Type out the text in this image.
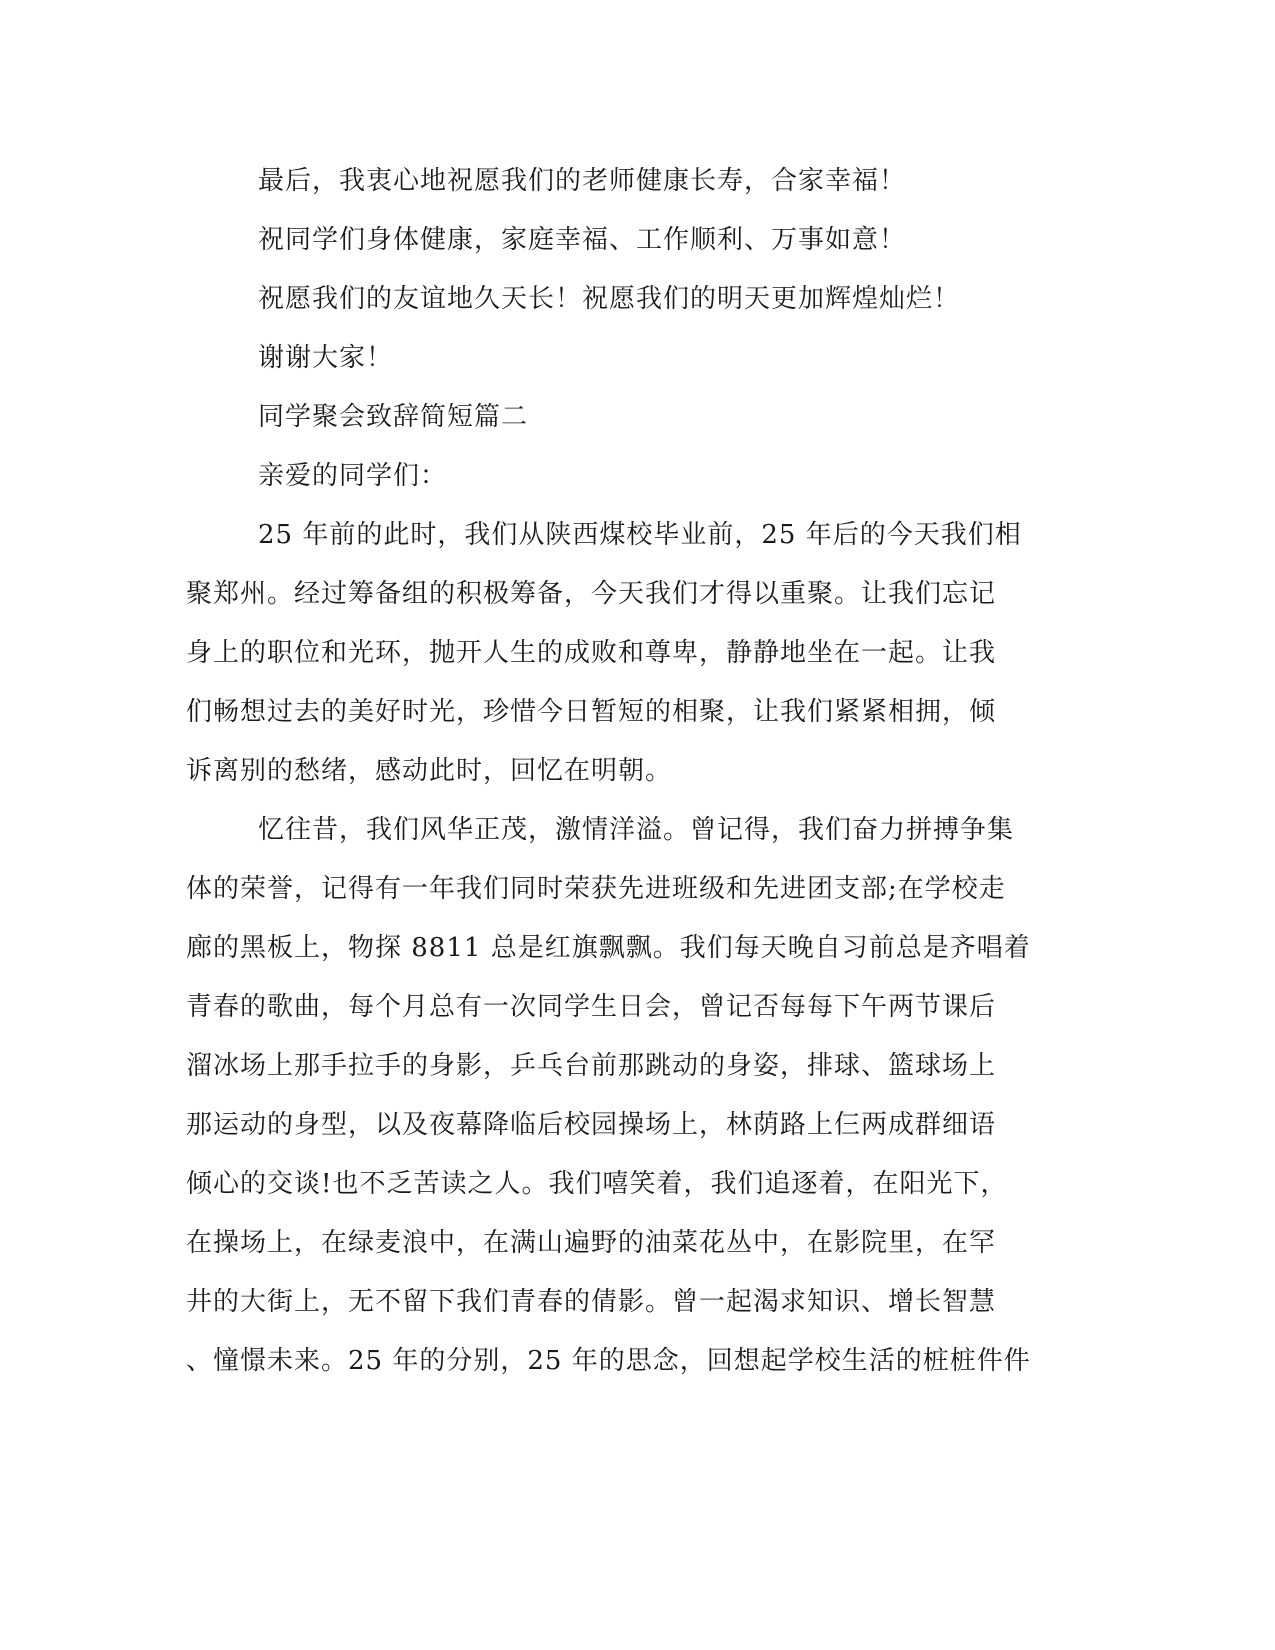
最后，我衷心地祝愿我们的老师健康长寿，合家幸福！
祝同学们身体健康，家庭幸福、工作顺利、万事如意！
祝愿我们的友谊地久天长！祝愿我们的明天更加辉煌灿烂！
谢谢大家！
同学聚会致辞简短篇二
亲爱的同学们：
25 年前的此时，我们从陕西煤校毕业前，25 年后的今天我们相
聚郑州。经过筹备组的积极筹备，今天我们才得以重聚。让我们忘记
身上的职位和光环，抛开人生的成败和尊卑，静静地坐在一起。让我
们畅想过去的美好时光，珍惜今日暂短的相聚，让我们紧紧相拥，倾
诉离别的愁绪，感动此时，回忆在明朝。
忆往昔，我们风华正茂，激情洋溢。曾记得，我们奋力拼搏争集
体的荣誉，记得有一年我们同时荣获先进班级和先进团支部;在学校走
廊的黑板上，物探 8811 总是红旗飘飘。我们每天晚自习前总是齐唱着
青春的歌曲，每个月总有一次同学生日会，曾记否每每下午两节课后
溜冰场上那手拉手的身影，乒乓台前那跳动的身姿，排球、篮球场上
那运动的身型，以及夜幕降临后校园操场上，林荫路上仨两成群细语
倾心的交谈!也不乏苦读之人。我们嘻笑着，我们追逐着，在阳光下，
在操场上，在绿麦浪中，在满山遍野的油菜花丛中，在影院里，在罕
井的大街上，无不留下我们青春的倩影。曾一起渴求知识、增长智慧
、憧憬未来。25 年的分别，25 年的思念，回想起学校生活的桩桩件件
